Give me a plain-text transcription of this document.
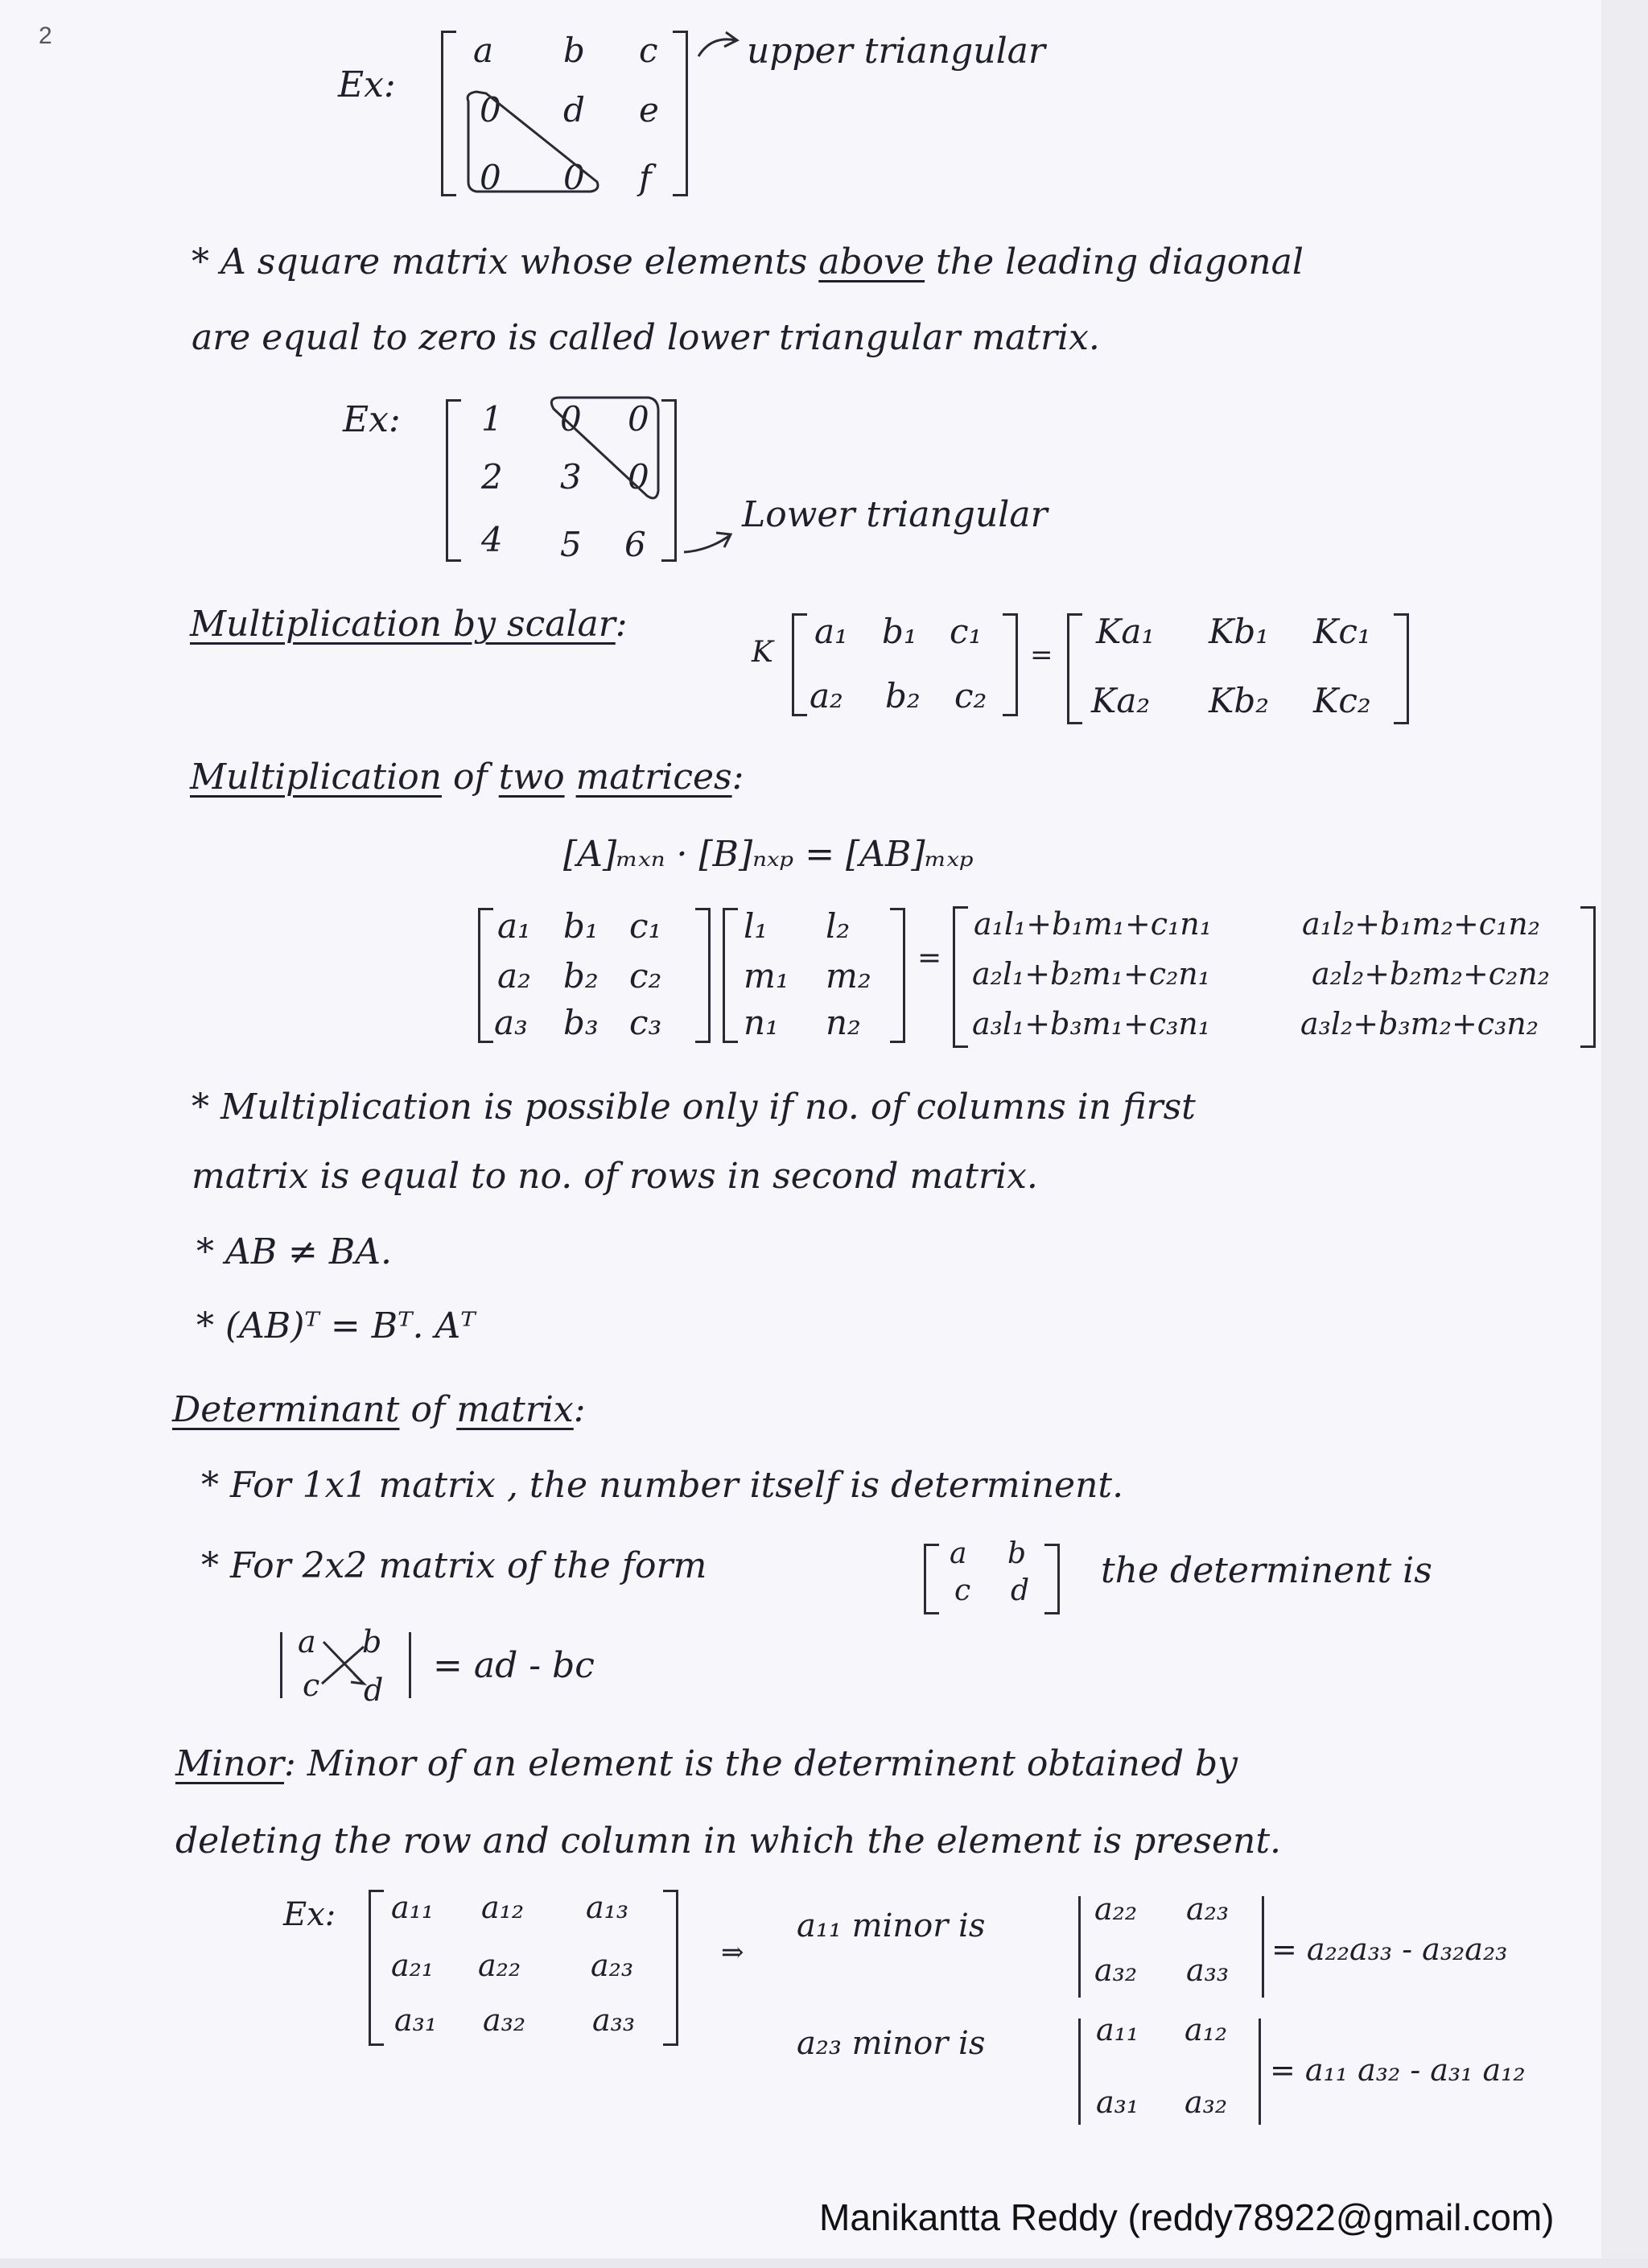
2
Ex:
a b c
0 d e
0 0 f
upper triangular
* A square matrix whose elements above the leading diagonal
are equal to zero is called lower triangular matrix.
Ex: 1 0 0
2 3 0
4 5 6
Lower triangular
Multiplication by scalar:
K
a₁ b₁ c₁
a₂ b₂ c₂
=
Ka₁ Kb₁ Kc₁
Ka₂ Kb₂ Kc₂
Multiplication of two matrices:
[A]ₘₓₙ · [B]ₙₓₚ = [AB]ₘₓₚ
a₁ b₁ c₁
a₂ b₂ c₂
a₃ b₃ c₃
l₁ l₂
m₁ m₂
n₁ n₂
=
a₁l₁+b₁m₁+c₁n₁	a₁l₂+b₁m₂+c₁n₂
a₂l₁+b₂m₁+c₂n₁	a₂l₂+b₂m₂+c₂n₂
a₃l₁+b₃m₁+c₃n₁	a₃l₂+b₃m₂+c₃n₂
* Multiplication is possible only if no. of columns in first
matrix is equal to no. of rows in second matrix.
* AB ≠ BA.
* (AB)ᵀ = Bᵀ. Aᵀ
Determinant of matrix:
* For 1x1 matrix , the number itself is determinent.
* For 2x2 matrix of the form	a b
c d the determinent is
a b
c d
= ad - bc
Minor: Minor of an element is the determinent obtained by
deleting the row and column in which the element is present.
Ex: a₁₁ a₁₂ a₁₃
a₂₁ a₂₂ a₂₃
a₃₁ a₃₂ a₃₃
⇒
a₁₁ minor is	a₂₂ a₂₃
a₃₂ a₃₃
= a₂₂a₃₃ - a₃₂a₂₃
a₂₃ minor is	a₁₁ a₁₂
a₃₁ a₃₂
= a₁₁ a₃₂ - a₃₁ a₁₂
Manikantta Reddy (reddy78922@gmail.com)
